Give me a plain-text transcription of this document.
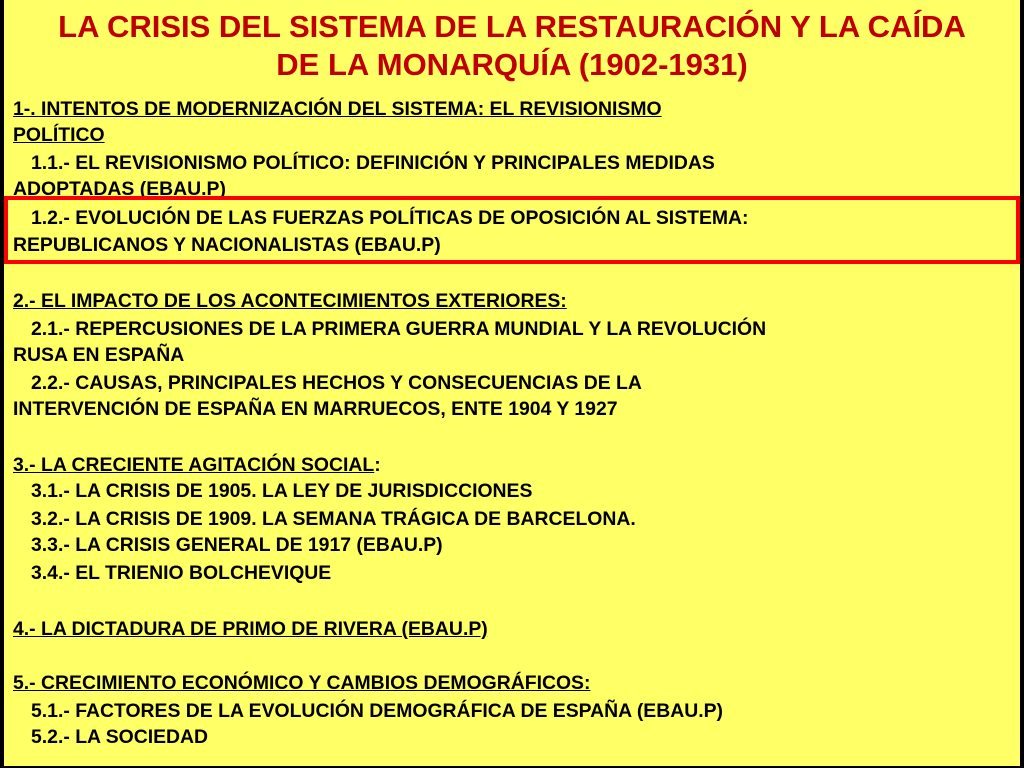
LA CRISIS DEL SISTEMA DE LA RESTAURACIÓN Y LA CAÍDA
DE LA MONARQUÍA (1902-1931)
1-. INTENTOS DE MODERNIZACIÓN DEL SISTEMA: EL REVISIONISMO
POLÍTICO
1.1.- EL REVISIONISMO POLÍTICO: DEFINICIÓN Y PRINCIPALES MEDIDAS
ADOPTADAS (EBAU.P)
1.2.- EVOLUCIÓN DE LAS FUERZAS POLÍTICAS DE OPOSICIÓN AL SISTEMA:
REPUBLICANOS Y NACIONALISTAS (EBAU.P)
2.- EL IMPACTO DE LOS ACONTECIMIENTOS EXTERIORES:
2.1.- REPERCUSIONES DE LA PRIMERA GUERRA MUNDIAL Y LA REVOLUCIÓN
RUSA EN ESPAÑA
2.2.- CAUSAS, PRINCIPALES HECHOS Y CONSECUENCIAS DE LA
INTERVENCIÓN DE ESPAÑA EN MARRUECOS, ENTE 1904 Y 1927
3.- LA CRECIENTE AGITACIÓN SOCIAL:
3.1.- LA CRISIS DE 1905. LA LEY DE JURISDICCIONES
3.2.- LA CRISIS DE 1909. LA SEMANA TRÁGICA DE BARCELONA.
3.3.- LA CRISIS GENERAL DE 1917 (EBAU.P)
3.4.- EL TRIENIO BOLCHEVIQUE
4.- LA DICTADURA DE PRIMO DE RIVERA (EBAU.P)
5.- CRECIMIENTO ECONÓMICO Y CAMBIOS DEMOGRÁFICOS:
5.1.- FACTORES DE LA EVOLUCIÓN DEMOGRÁFICA DE ESPAÑA (EBAU.P)
5.2.- LA SOCIEDAD
